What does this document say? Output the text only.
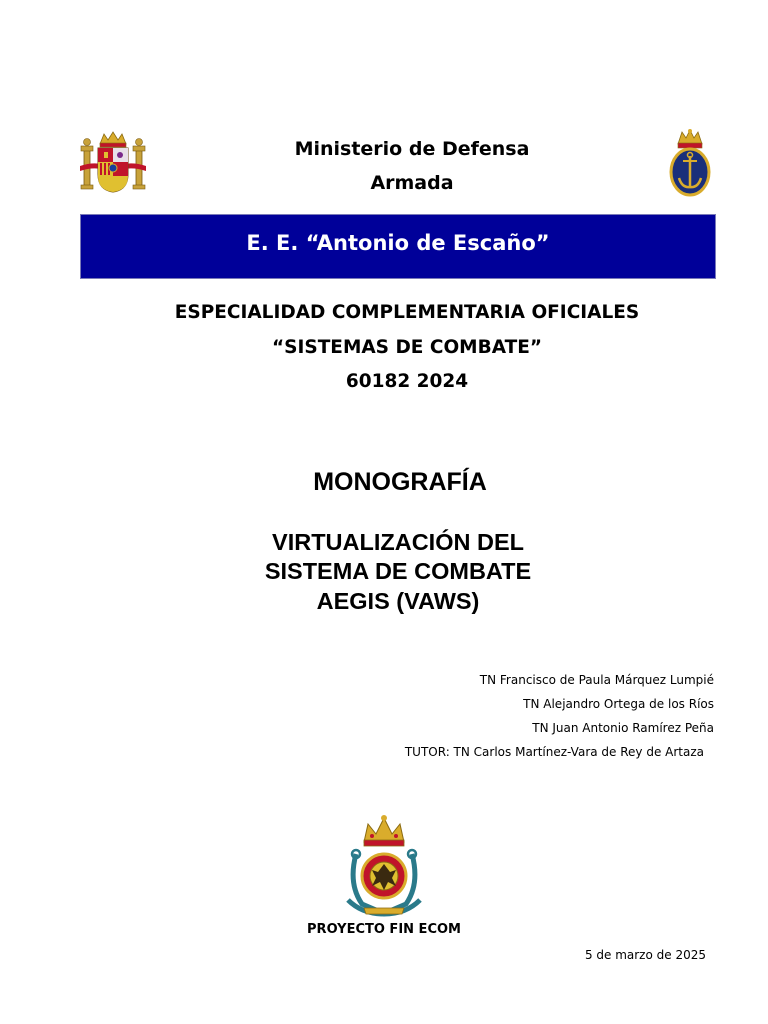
Ministerio de Defensa
Armada
E. E. “Antonio de Escaño”
ESPECIALIDAD COMPLEMENTARIA OFICIALES
“SISTEMAS DE COMBATE”
60182 2024
MONOGRAFÍA
VIRTUALIZACIÓN DEL
SISTEMA DE COMBATE
AEGIS (VAWS)
TN Francisco de Paula Márquez Lumpié
TN Alejandro Ortega de los Ríos
TN Juan Antonio Ramírez Peña
TUTOR: TN Carlos Martínez-Vara de Rey de Artaza
PROYECTO FIN ECOM
5 de marzo de 2025
